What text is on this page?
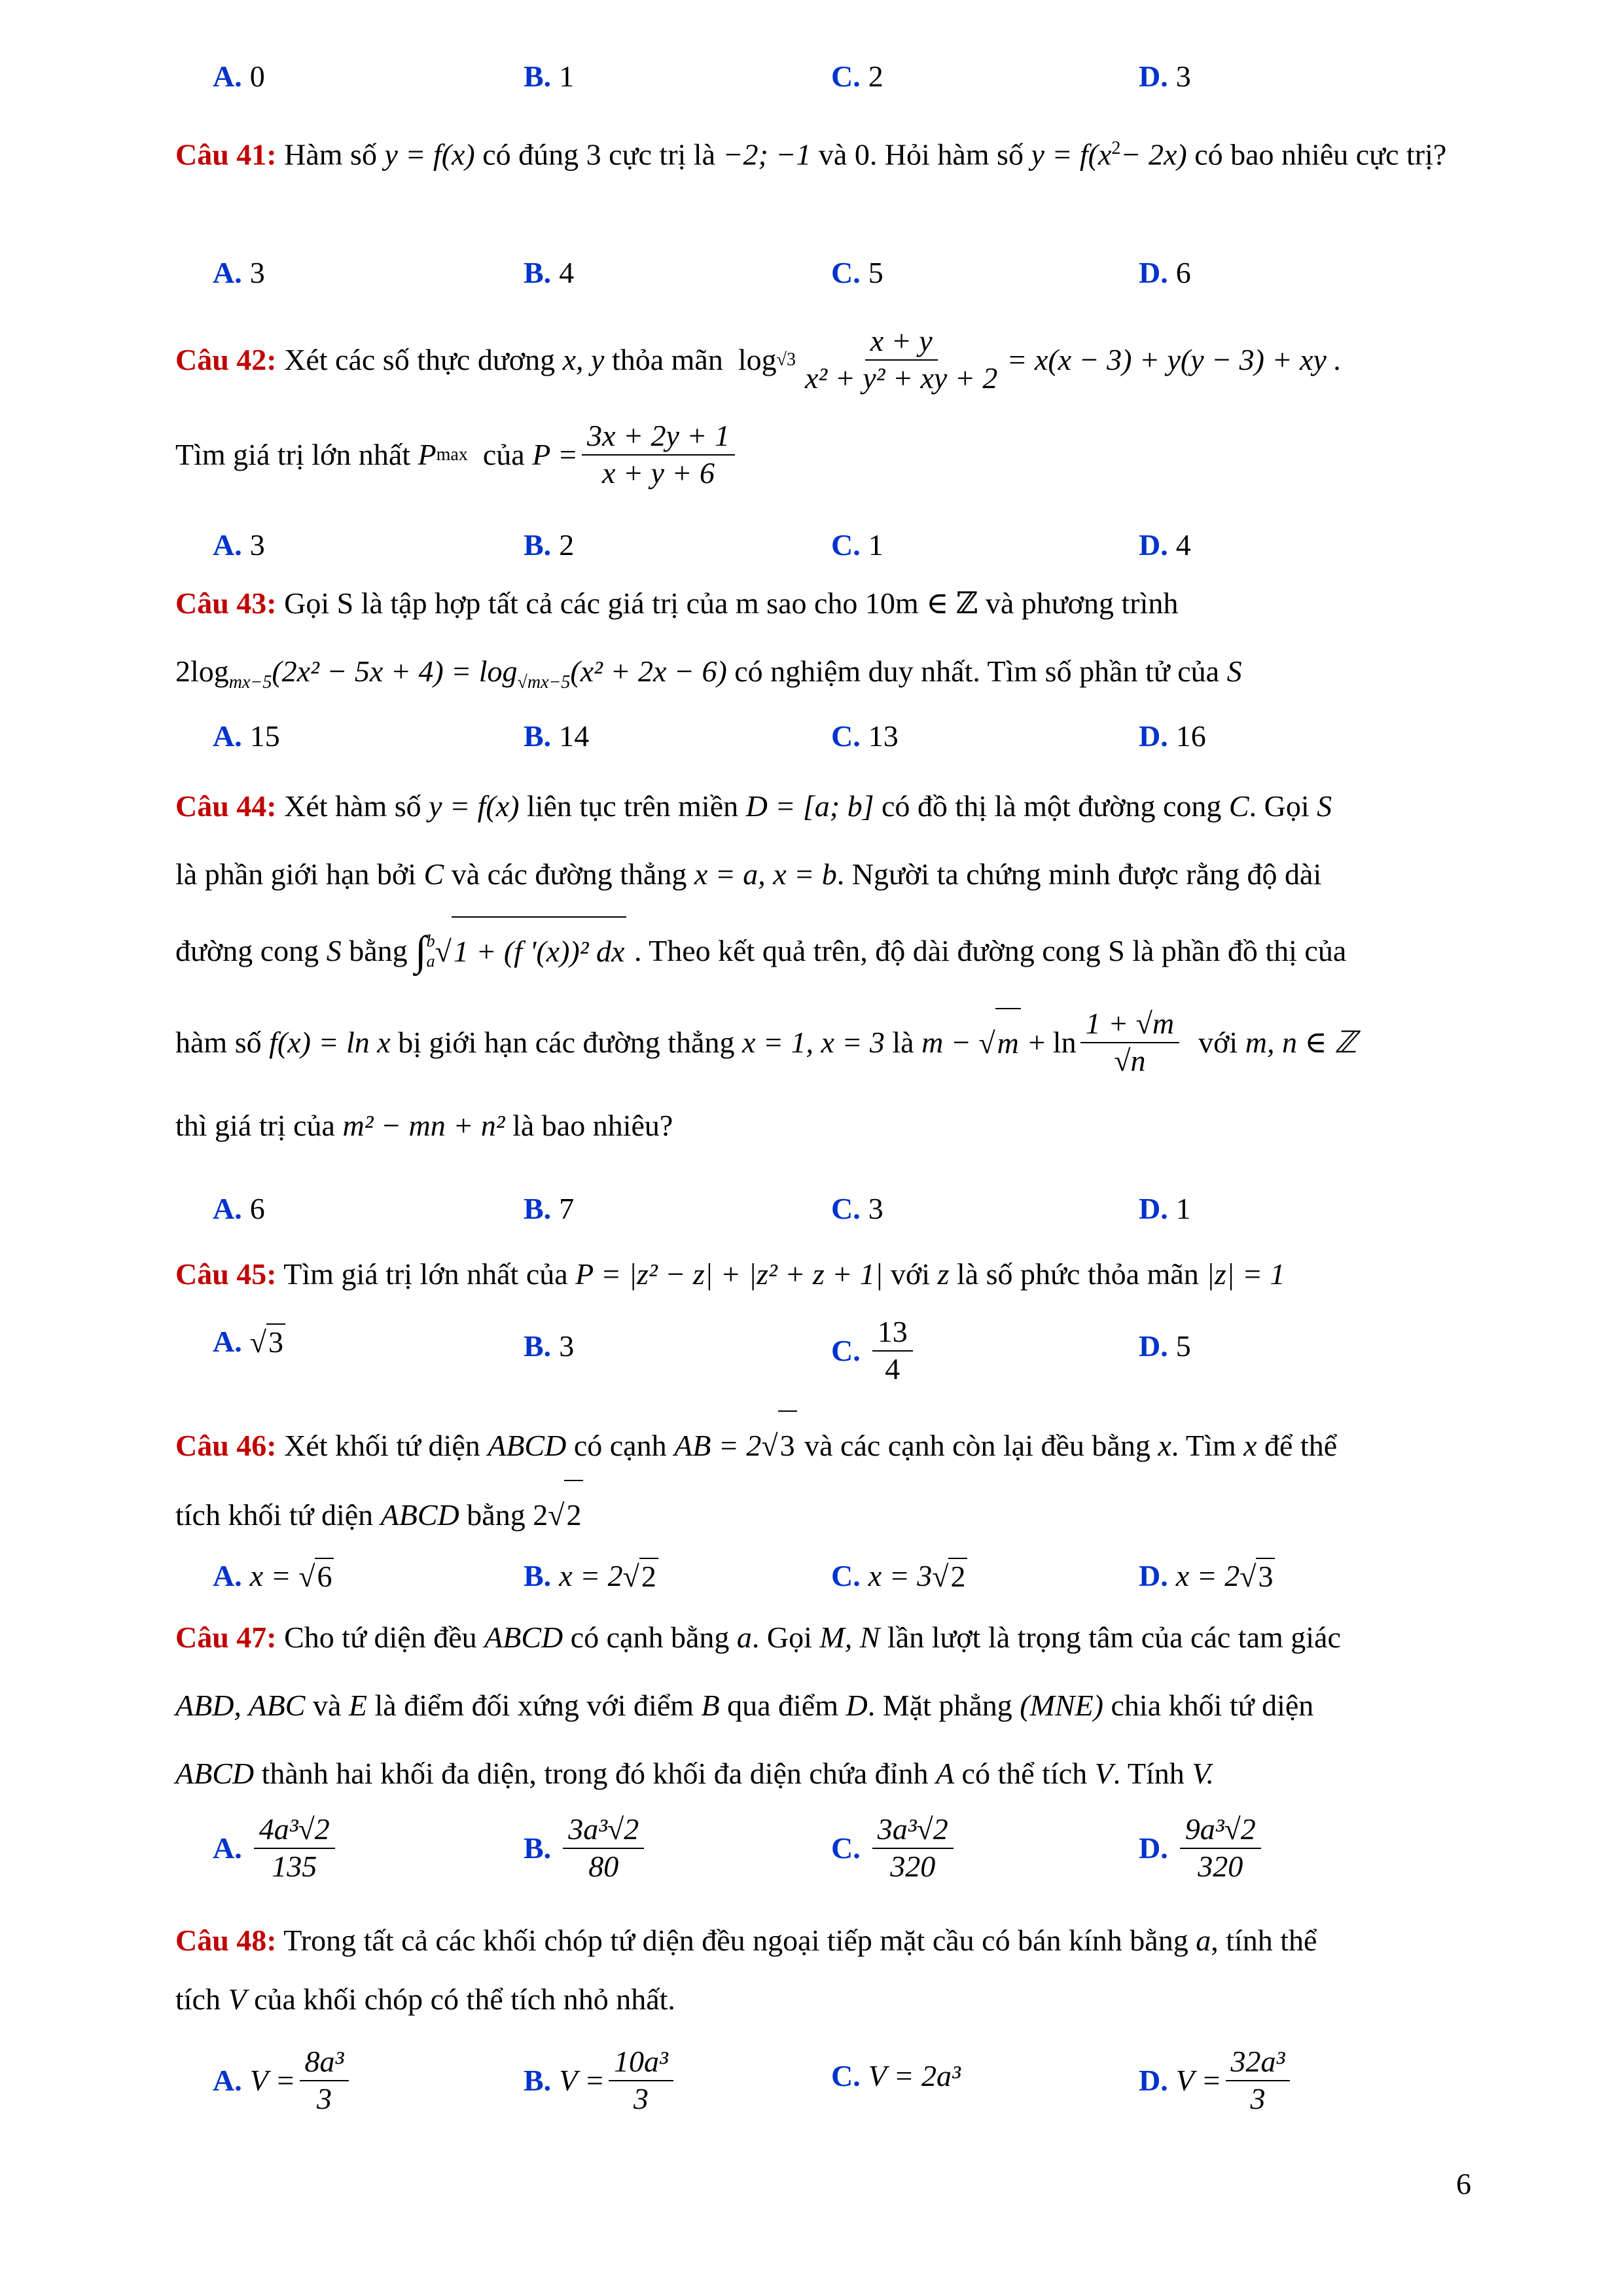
A. 0	B. 1	C. 2	D. 3
Câu 41: Hàm số y = f(x) có đúng 3 cực trị là −2; −1 và 0. Hỏi hàm số $y = f(x^2- 2x)$ có bao nhiêu cực trị?
A. 3	B. 4	C. 5	D. 6
Câu 42:
Xét các số thực dương
x, y
thỏa mãn
$\log √3 \frac{x + y}{\text{x² + y² + xy + 2}} = x(x - 3) + y(y - 3)$ + xy .
Tìm giá trị lớn nhất
P max
của
$P = \frac{3x + 2y + 1}{x + y + 6}$
A. 3	B. 2	C. 1	D. 4
Câu 43: Gọi S là tập hợp tất cả các giá trị của m sao cho 10m ∈ ℤ và phương trình
$2\log_{mx-5}(2x^2 - 5x + 4) = \log_{√mx-5}(x^2 + 2x - 6)$ có nghiệm duy nhất. Tìm số phần tử của S
A. 15	B. 14	C. 13	D. 16
Câu 44: Xét hàm số y = f(x) liên tục trên miền D = [a; b] có đồ thị là một đường cong C. Gọi S
là phần giới hạn bởi C và các đường thẳng x = a, x = b. Người ta chứng minh được rằng độ dài
đường cong
S
bằng
∫ b
a √ 1 + (f '(x))² dx
. Theo kết quả trên, độ dài đường cong S là phần đồ thị của
hàm số
f(x) = ln x
bị giới hạn các đường thẳng
x = 1, x = 3
là
m −
√ m
+ $\ln \frac{1 + √m}{√n}$
với
m, n ∈ ℤ
thì giá trị của m² − mn + n² là bao nhiêu?
A. 6	B. 7	C. 3	D. 1
Câu 45: Tìm giá trị lớn nhất của P = |z² − z| + |z² + z + 1| với z là số phức thỏa mãn |z| = 1
A. √ 3	B. 3	C. $\frac{13}{4}$	D. 5
Câu 46: Xét khối tứ diện ABCD có cạnh AB = 2 √ 3 và các cạnh còn lại đều bằng x. Tìm x để thể
tích khối tứ diện ABCD bằng 2 √ 2
A. x =
√ 6	B. x = 2 √ 2	C. x = 3 √ 2	D. x = 2 √ 3
Câu 47: Cho tứ diện đều ABCD có cạnh bằng a. Gọi M, N lần lượt là trọng tâm của các tam giác
ABD, ABC và E là điểm đối xứng với điểm B qua điểm D. Mặt phẳng (MNE) chia khối tứ diện
ABCD thành hai khối đa diện, trong đó khối đa diện chứa đỉnh A có thể tích V. Tính V.
A. $\frac{\text{4a³√2}}{135}$	B. $\frac{\text{3a³√2}}{80}$	C. $\frac{\text{3a³√2}}{320}$	D. $\frac{\text{9a³√2}}{320}$
Câu 48: Trong tất cả các khối chóp tứ diện đều ngoại tiếp mặt cầu có bán kính bằng a, tính thể
tích V của khối chóp có thể tích nhỏ nhất.
A. $V = \frac{\text{8a³}}{3}$	B. $V = \frac{\text{10a³}}{3}$	C. V = 2a³	D. $V = \frac{\text{32a³}}{3}$
6
